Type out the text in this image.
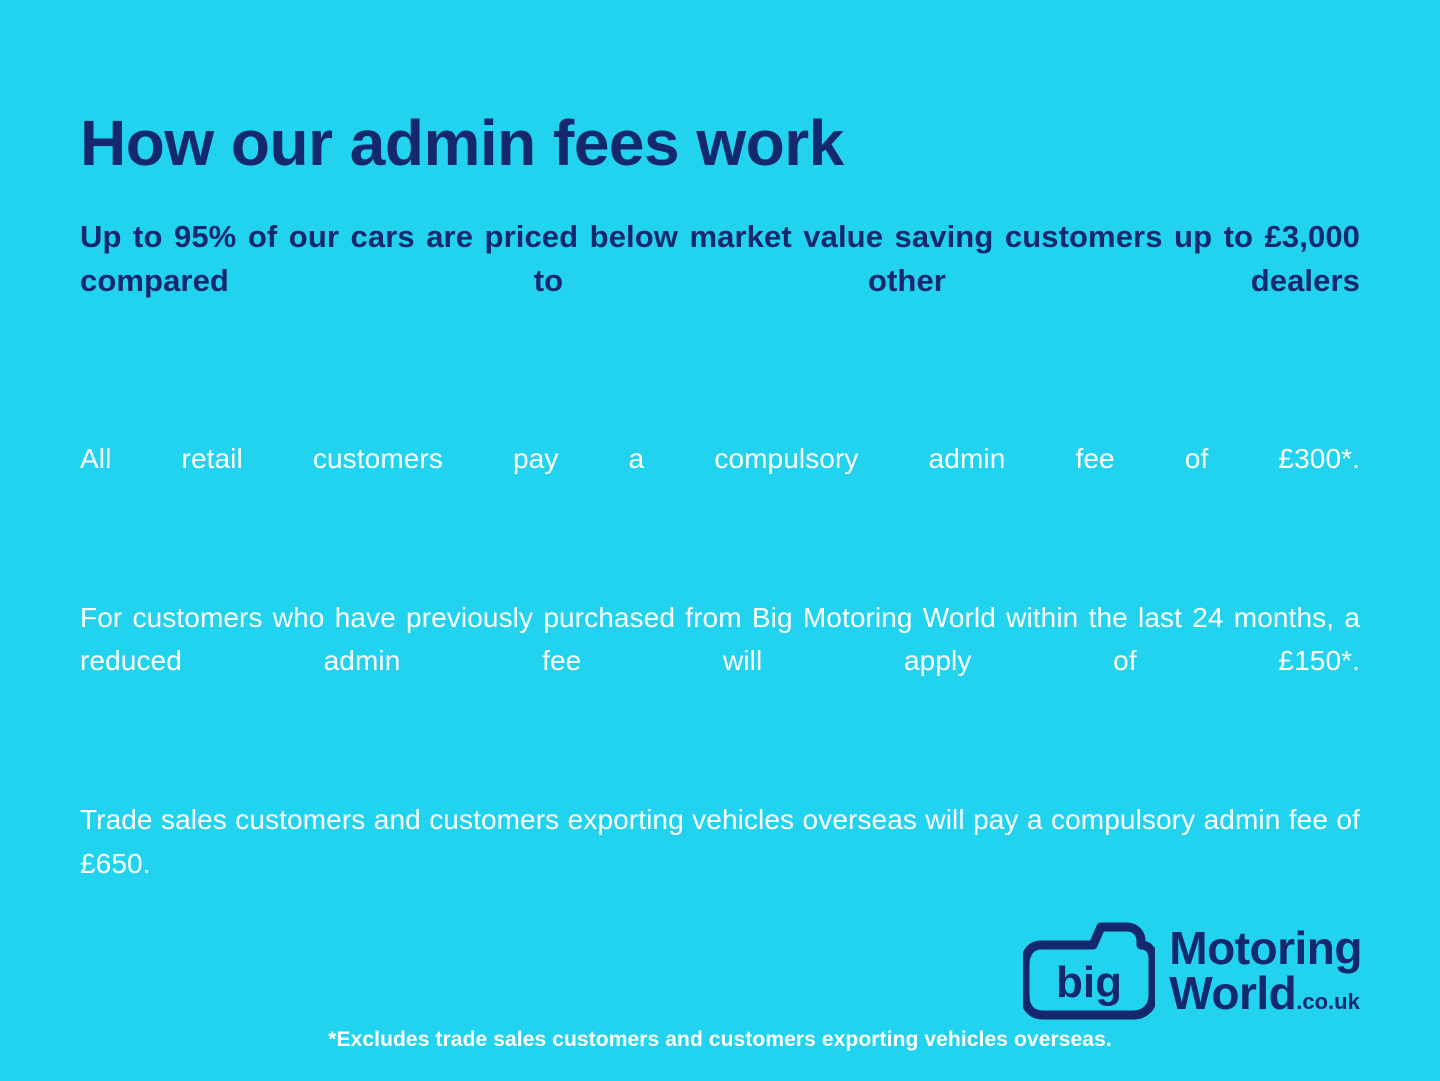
How our admin fees work

Up to 95% of our cars are priced below market value saving customers up to £3,000 compared to other dealers

All retail customers pay a compulsory admin fee of £300*.

For customers who have previously purchased from Big Motoring World within the last 24 months, a reduced admin fee will apply of £150*.

Trade sales customers and customers exporting vehicles overseas will pay a compulsory admin fee of £650.

*Excludes trade sales customers and customers exporting vehicles overseas.

big
Motoring
World.co.uk
